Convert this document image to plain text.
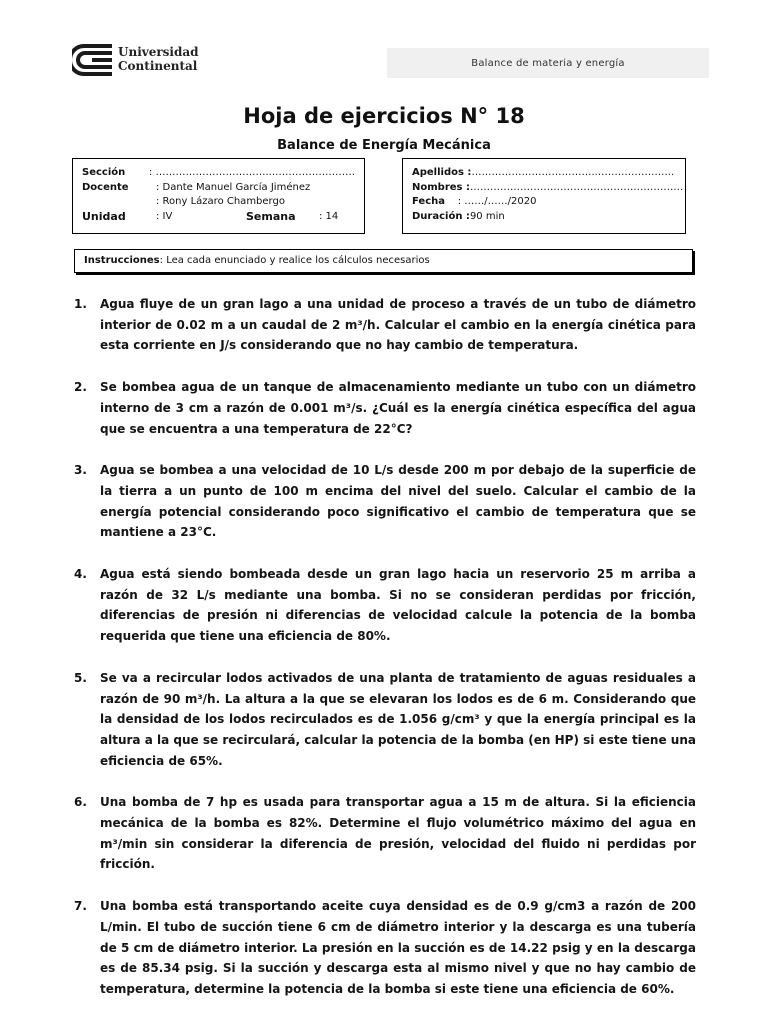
Universidad
Continental	Balance de materia y energía
Hoja de ejercicios N° 18
Balance de Energía Mecánica
Sección	: ……………………………..…………………….
Docente	: Dante Manuel García Jiménez
: Rony Lázaro Chambergo
Unidad	: IV	Semana	: 14
Apellidos : ………………………………..…………………..
Nombres : ……………………………………………………….
Fecha : ……/……/2020
Duración : 90 min
Instrucciones: Lea cada enunciado y realice los cálculos necesarios
1.	Agua fluye de un gran lago a una unidad de proceso a través de un tubo de diámetro interior de 0.02 m a un caudal de 2 m³/h. Calcular el cambio en la energía cinética para esta corriente en J/s considerando que no hay cambio de temperatura.
2.	Se bombea agua de un tanque de almacenamiento mediante un tubo con un diámetro interno de 3 cm a razón de 0.001 m³/s. ¿Cuál es la energía cinética específica del agua que se encuentra a una temperatura de 22°C?
3.	Agua se bombea a una velocidad de 10 L/s desde 200 m por debajo de la superficie de la tierra a un punto de 100 m encima del nivel del suelo. Calcular el cambio de la energía potencial considerando poco significativo el cambio de temperatura que se mantiene a 23°C.
4.	Agua está siendo bombeada desde un gran lago hacia un reservorio 25 m arriba a razón de 32 L/s mediante una bomba. Si no se consideran perdidas por fricción, diferencias de presión ni diferencias de velocidad calcule la potencia de la bomba requerida que tiene una eficiencia de 80%.
5.	Se va a recircular lodos activados de una planta de tratamiento de aguas residuales a razón de 90 m³/h. La altura a la que se elevaran los lodos es de 6 m. Considerando que la densidad de los lodos recirculados es de 1.056 g/cm³ y que la energía principal es la altura a la que se recirculará, calcular la potencia de la bomba (en HP) si este tiene una eficiencia de 65%.
6.	Una bomba de 7 hp es usada para transportar agua a 15 m de altura. Si la eficiencia mecánica de la bomba es 82%. Determine el flujo volumétrico máximo del agua en m³/min sin considerar la diferencia de presión, velocidad del fluido ni perdidas por fricción.
7.	Una bomba está transportando aceite cuya densidad es de 0.9 g/cm3 a razón de 200 L/min. El tubo de succión tiene 6 cm de diámetro interior y la descarga es una tubería de 5 cm de diámetro interior. La presión en la succión es de 14.22 psig y en la descarga es de 85.34 psig. Si la succión y descarga esta al mismo nivel y que no hay cambio de temperatura, determine la potencia de la bomba si este tiene una eficiencia de 60%.
